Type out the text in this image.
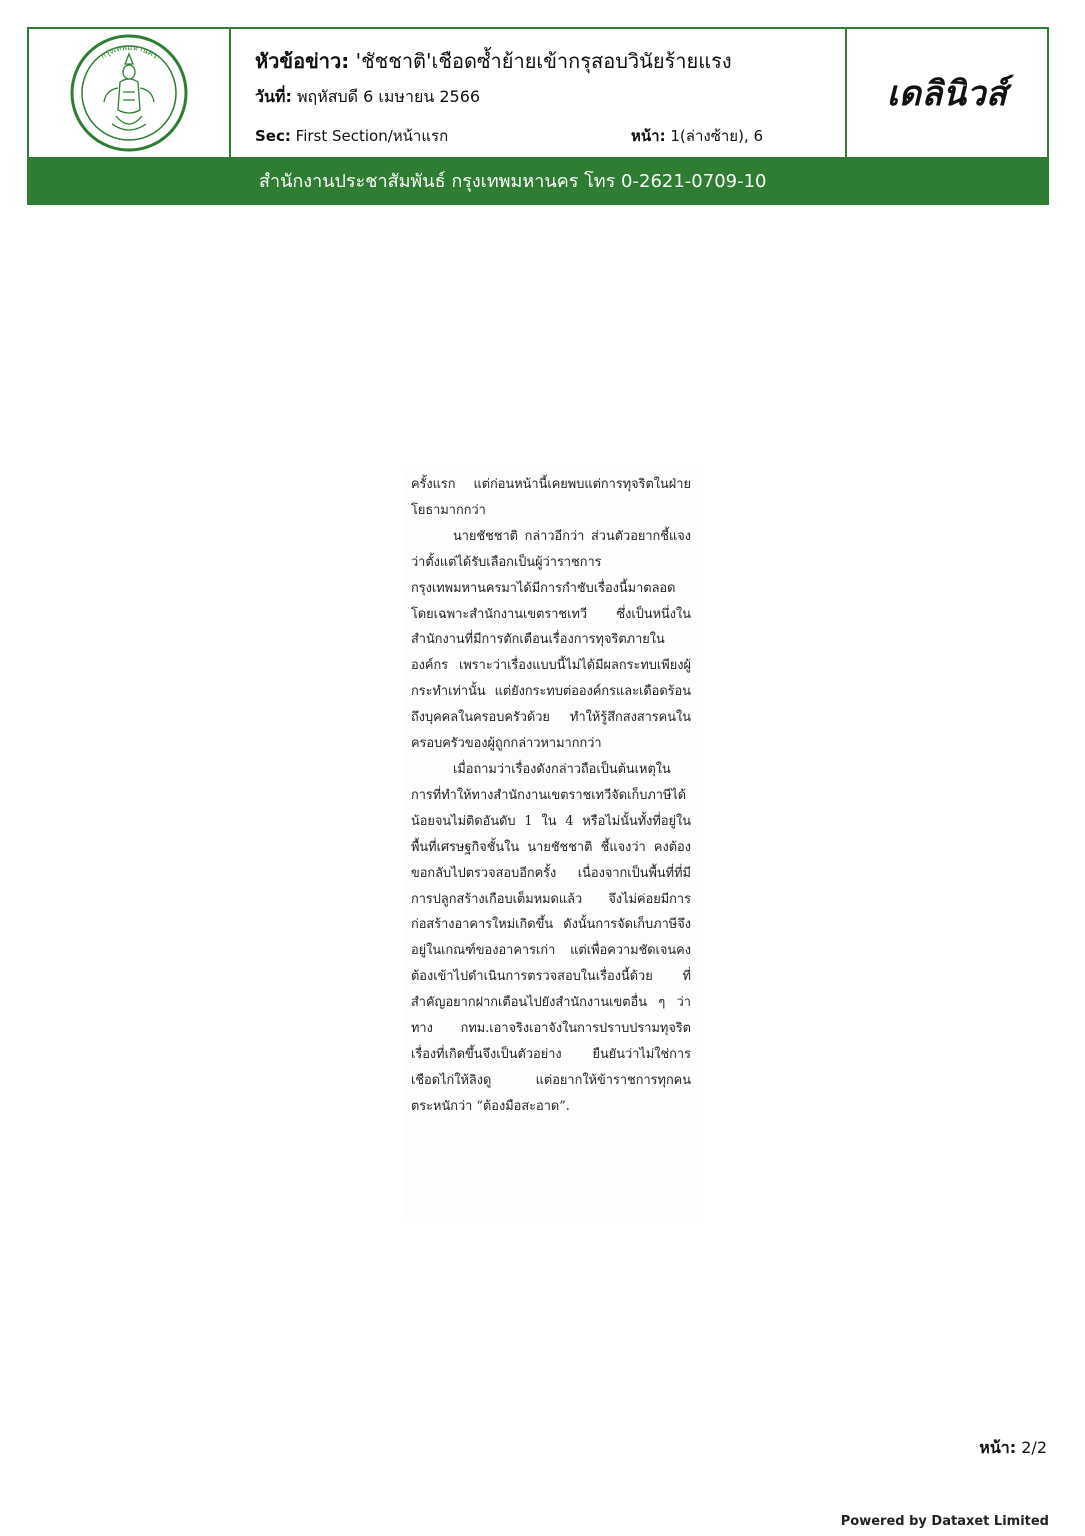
กรุงเทพมหานคร	หัวข้อข่าว: 'ชัชชาติ'เชือดซ้ำย้ายเข้ากรุสอบวินัยร้ายแรง
วันที่: พฤหัสบดี 6 เมษายน 2566
Sec: First Section/หน้าแรก	หน้า: 1(ล่างซ้าย), 6
เดลินิวส์
สำนักงานประชาสัมพันธ์ กรุงเทพมหานคร โทร 0-2621-0709-10

ครั้งแรก แต่ก่อนหน้านี้เคยพบแต่การทุจริตในฝ่ายโยธามากกว่า

นายชัชชาติ กล่าวอีกว่า ส่วนตัวอยากชี้แจงว่าตั้งแต่ได้รับเลือกเป็นผู้ว่าราชการกรุงเทพมหานครมาได้มีการกำชับเรื่องนี้มาตลอด โดยเฉพาะสำนักงานเขตราชเทวี ซึ่งเป็นหนึ่งในสำนักงานที่มีการตักเตือนเรื่องการทุจริตภายในองค์กร เพราะว่าเรื่องแบบนี้ไม่ได้มีผลกระทบเพียงผู้กระทำเท่านั้น แต่ยังกระทบต่อองค์กรและเดือดร้อนถึงบุคคลในครอบครัวด้วย ทำให้รู้สึกสงสารคนในครอบครัวของผู้ถูกกล่าวหามากกว่า

เมื่อถามว่าเรื่องดังกล่าวถือเป็นต้นเหตุในการที่ทำให้ทางสำนักงานเขตราชเทวีจัดเก็บภาษีได้น้อยจนไม่ติดอันดับ 1 ใน 4 หรือไม่นั้นทั้งที่อยู่ในพื้นที่เศรษฐกิจชั้นใน นายชัชชาติ ชี้แจงว่า คงต้องขอกลับไปตรวจสอบอีกครั้ง เนื่องจากเป็นพื้นที่ที่มีการปลูกสร้างเกือบเต็มหมดแล้ว จึงไม่ค่อยมีการก่อสร้างอาคารใหม่เกิดขึ้น ดังนั้นการจัดเก็บภาษีจึงอยู่ในเกณฑ์ของอาคารเก่า แต่เพื่อความชัดเจนคงต้องเข้าไปดำเนินการตรวจสอบในเรื่องนี้ด้วย ที่สำคัญอยากฝากเตือนไปยังสำนักงานเขตอื่น ๆ ว่าทาง กทม.เอาจริงเอาจังในการปราบปรามทุจริต เรื่องที่เกิดขึ้นจึงเป็นตัวอย่าง ยืนยันว่าไม่ใช่การเชือดไก่ให้ลิงดู แต่อยากให้ข้าราชการทุกคนตระหนักว่า “ต้องมือสะอาด”.

หน้า: 2/2
Powered by Dataxet Limited
